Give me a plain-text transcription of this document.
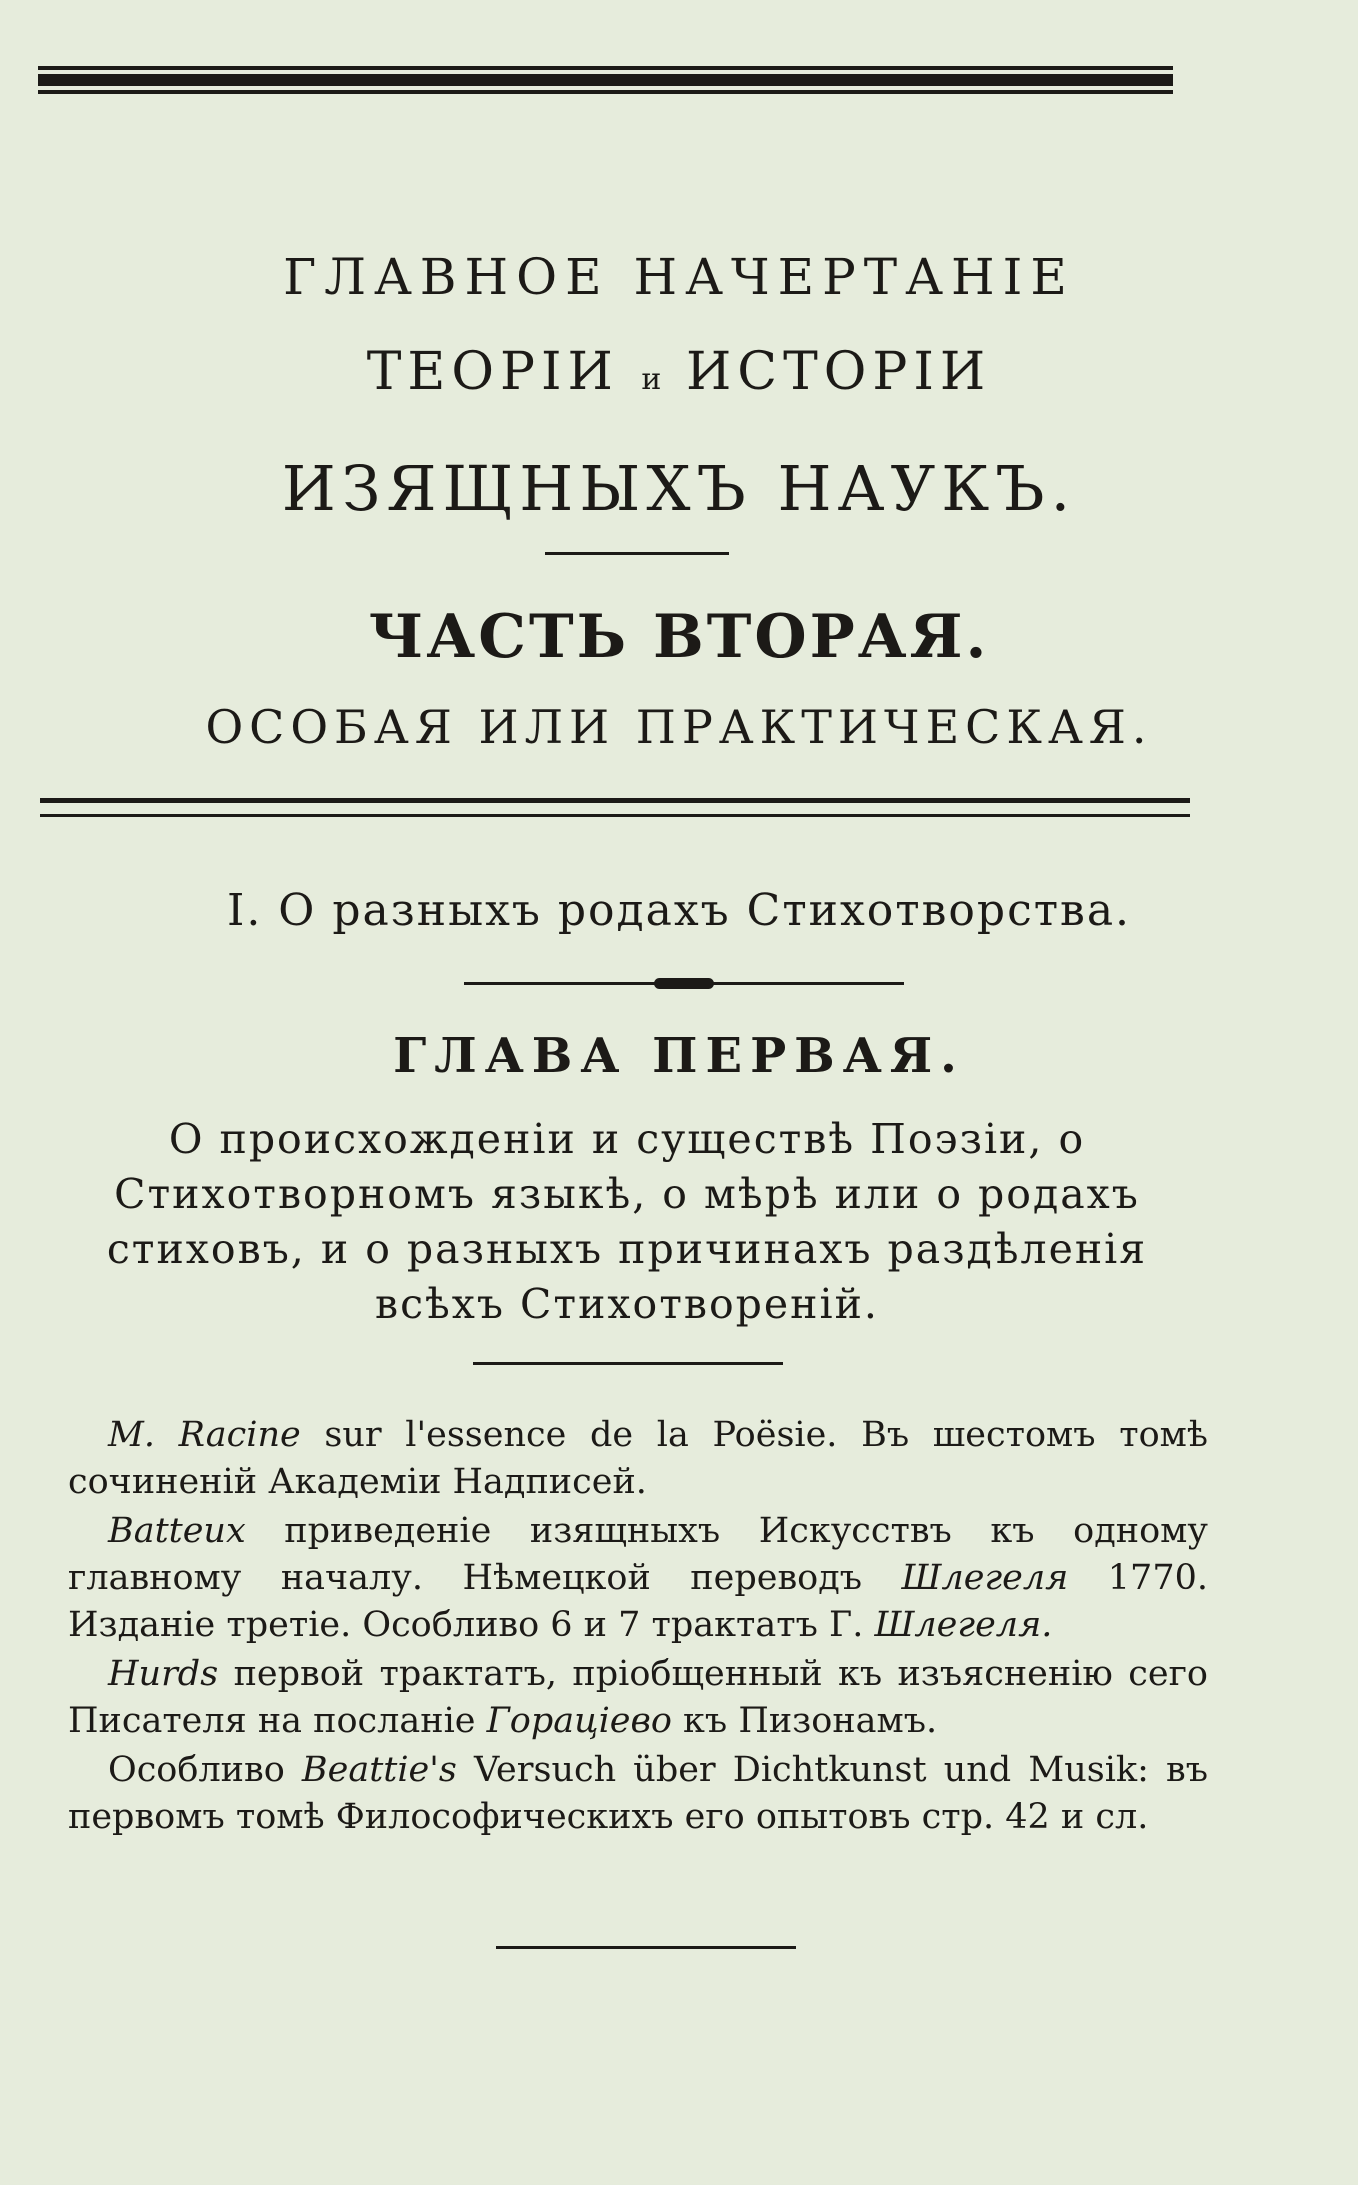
ГЛАВНОЕ НАЧЕРТАНІЕ
ТЕОРІИ и ИСТОРІИ
ИЗЯЩНЫХЪ НАУКЪ.
ЧАСТЬ ВТОРАЯ.
ОСОБАЯ ИЛИ ПРАКТИЧЕСКАЯ.
I. О разныхъ родахъ Стихотворства.
ГЛАВА ПЕРВАЯ.
О происхожденіи и существѣ Поэзіи, о Стихотворномъ языкѣ, о мѣрѣ или о родахъ стиховъ, и о разныхъ причинахъ раздѣленія всѣхъ Стихотвореній.

M. Racine sur l'essence de la Poësie. Въ шестомъ томѣ сочиненій Академіи Надписей.

Batteux приведеніе изящныхъ Искусствъ къ одному главному началу. Нѣмецкой переводъ Шлегеля 1770. Изданіе третіе. Особливо 6 и 7 трактатъ Г. Шлегеля.

Hurds первой трактатъ, пріобщенный къ изъясненію сего Писателя на посланіе Гораціево къ Пизонамъ.

Особливо Beattie's Versuch über Dichtkunst und Musik: въ первомъ томѣ Философическихъ его опытовъ стр. 42 и сл.
